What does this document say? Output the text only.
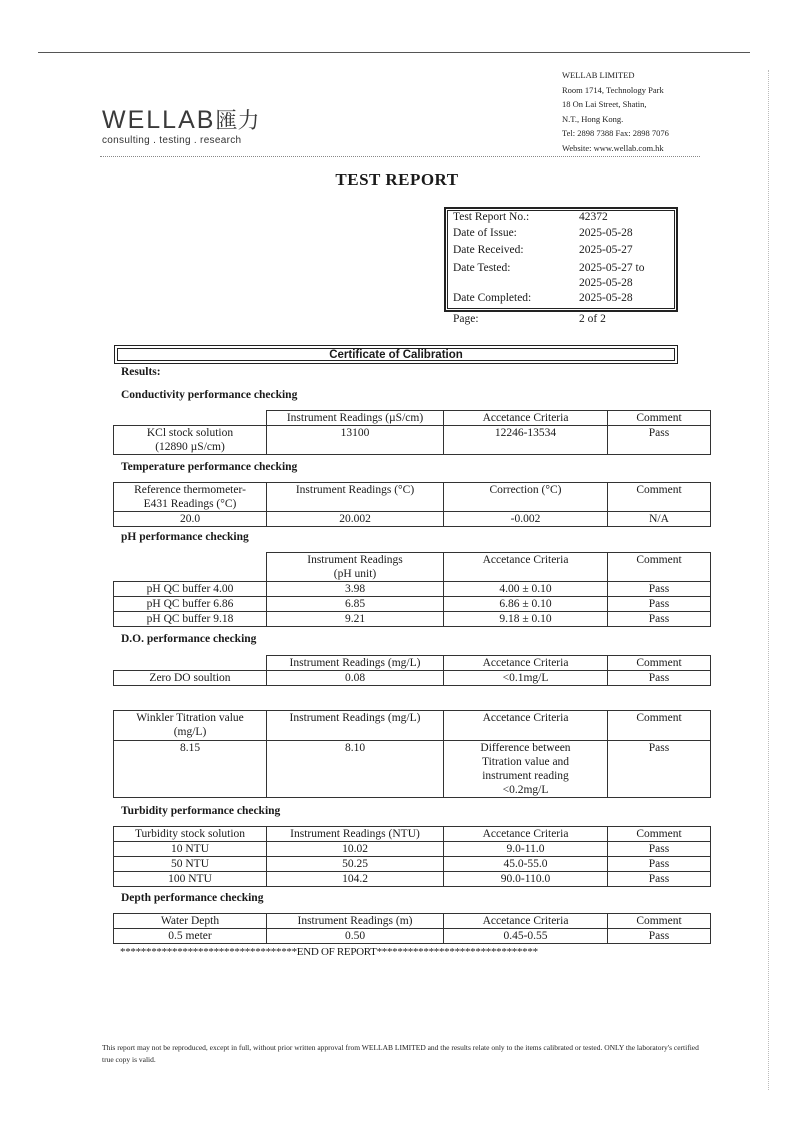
WELLAB匯力
consulting . testing . research
WELLAB LIMITED
Room 1714, Technology Park
18 On Lai Street, Shatin,
N.T., Hong Kong.
Tel: 2898 7388 Fax: 2898 7076
Website: www.wellab.com.hk
TEST REPORT
Test Report No.:	42372
Date of Issue:	2025-05-28
Date Received:	2025-05-27
Date Tested:	2025-05-27 to
2025-05-28
Date Completed:	2025-05-28
Page:	2 of 2
Certificate of Calibration
Results:
Conductivity performance checking
	Instrument Readings (µS/cm)	Accetance Criteria	Comment

KCl stock solution
(12890 µS/cm)	13100	12246-13534	Pass
Temperature performance checking
Reference thermometer-
E431 Readings (°C)	Instrument Readings (°C)	Correction (°C)	Comment
20.0	20.002	-0.002	N/A
pH performance checking

	Instrument Readings
(pH unit)	Accetance Criteria	Comment
pH QC buffer 4.00	3.98	4.00 ± 0.10	Pass
pH QC buffer 6.86	6.85	6.86 ± 0.10	Pass
pH QC buffer 9.18	9.21	9.18 ± 0.10	Pass
D.O. performance checking
	Instrument Readings (mg/L)	Accetance Criteria	Comment
Zero DO soultion	0.08	<0.1mg/L	Pass
Winkler Titration value
(mg/L)	Instrument Readings (mg/L)	Accetance Criteria	Comment
8.15	8.10	Difference between
Titration value and
instrument reading
<0.2mg/L	Pass
Turbidity performance checking
Turbidity stock solution	Instrument Readings (NTU)	Accetance Criteria	Comment
10 NTU	10.02	9.0-11.0	Pass
50 NTU	50.25	45.0-55.0	Pass
100 NTU	104.2	90.0-110.0	Pass
Depth performance checking
Water Depth	Instrument Readings (m)	Accetance Criteria	Comment
0.5 meter	0.50	0.45-0.55	Pass
**********************************END OF REPORT*******************************
This report may not be reproduced, except in full, without prior written approval from WELLAB LIMITED and the results relate only to the items calibrated or tested. ONLY the laboratory's certified true copy is valid.
